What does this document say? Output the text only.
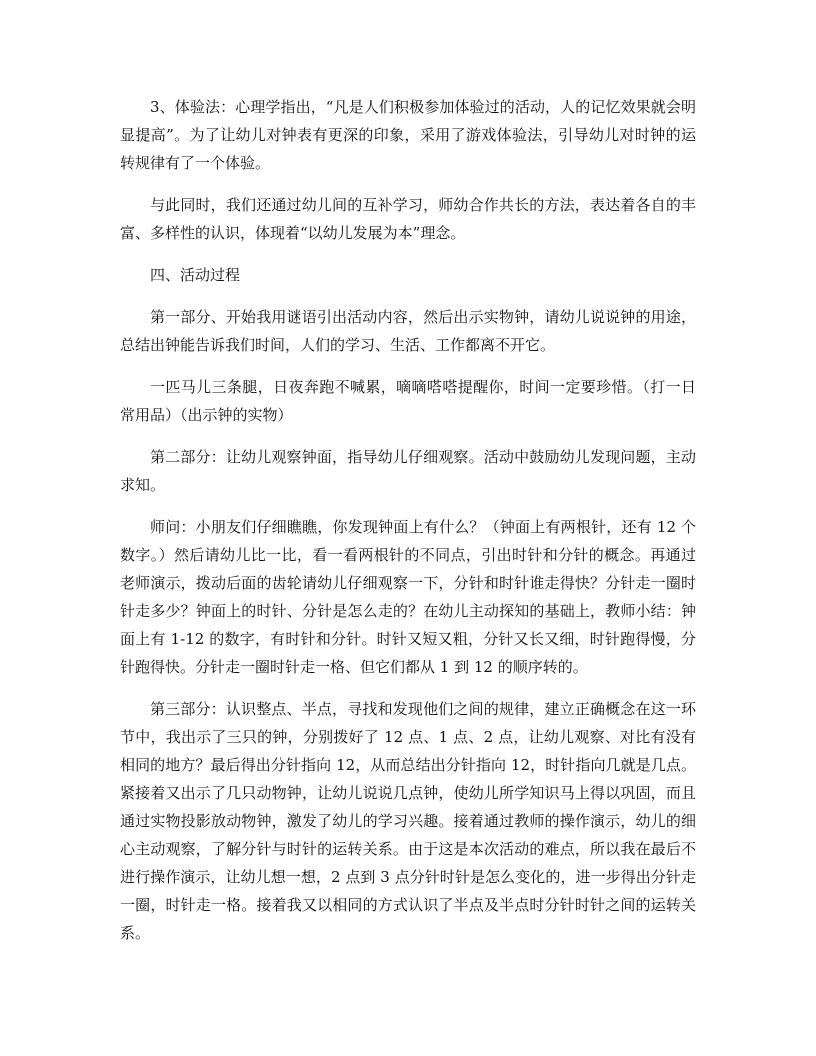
3、体验法：心理学指出，“凡是人们积极参加体验过的活动，人的记忆效果就会明显提高”。为了让幼儿对钟表有更深的印象，采用了游戏体验法，引导幼儿对时钟的运转规律有了一个体验。

与此同时，我们还通过幼儿间的互补学习，师幼合作共长的方法，表达着各自的丰富、多样性的认识，体现着“以幼儿发展为本”理念。

四、活动过程

第一部分、开始我用谜语引出活动内容，然后出示实物钟，请幼儿说说钟的用途，总结出钟能告诉我们时间，人们的学习、生活、工作都离不开它。

一匹马儿三条腿，日夜奔跑不喊累，嘀嘀嗒嗒提醒你，时间一定要珍惜。（打一日常用品）（出示钟的实物）

第二部分：让幼儿观察钟面，指导幼儿仔细观察。活动中鼓励幼儿发现问题，主动求知。

师问：小朋友们仔细瞧瞧，你发现钟面上有什么？（钟面上有两根针，还有 12 个数字。）然后请幼儿比一比，看一看两根针的不同点，引出时针和分针的概念。再通过老师演示，拨动后面的齿轮请幼儿仔细观察一下，分针和时针谁走得快？分针走一圈时针走多少？钟面上的时针、分针是怎么走的？在幼儿主动探知的基础上，教师小结：钟面上有 1-12 的数字，有时针和分针。时针又短又粗，分针又长又细，时针跑得慢，分针跑得快。分针走一圈时针走一格、但它们都从 1 到 12 的顺序转的。

第三部分：认识整点、半点，寻找和发现他们之间的规律，建立正确概念在这一环节中，我出示了三只的钟，分别拨好了 12 点、1 点、2 点，让幼儿观察、对比有没有相同的地方？最后得出分针指向 12，从而总结出分针指向 12，时针指向几就是几点。紧接着又出示了几只动物钟，让幼儿说说几点钟，使幼儿所学知识马上得以巩固，而且通过实物投影放动物钟，激发了幼儿的学习兴趣。接着通过教师的操作演示，幼儿的细心主动观察，了解分针与时针的运转关系。由于这是本次活动的难点，所以我在最后不进行操作演示，让幼儿想一想，2 点到 3 点分针时针是怎么变化的，进一步得出分针走一圈，时针走一格。接着我又以相同的方式认识了半点及半点时分针时针之间的运转关系。
